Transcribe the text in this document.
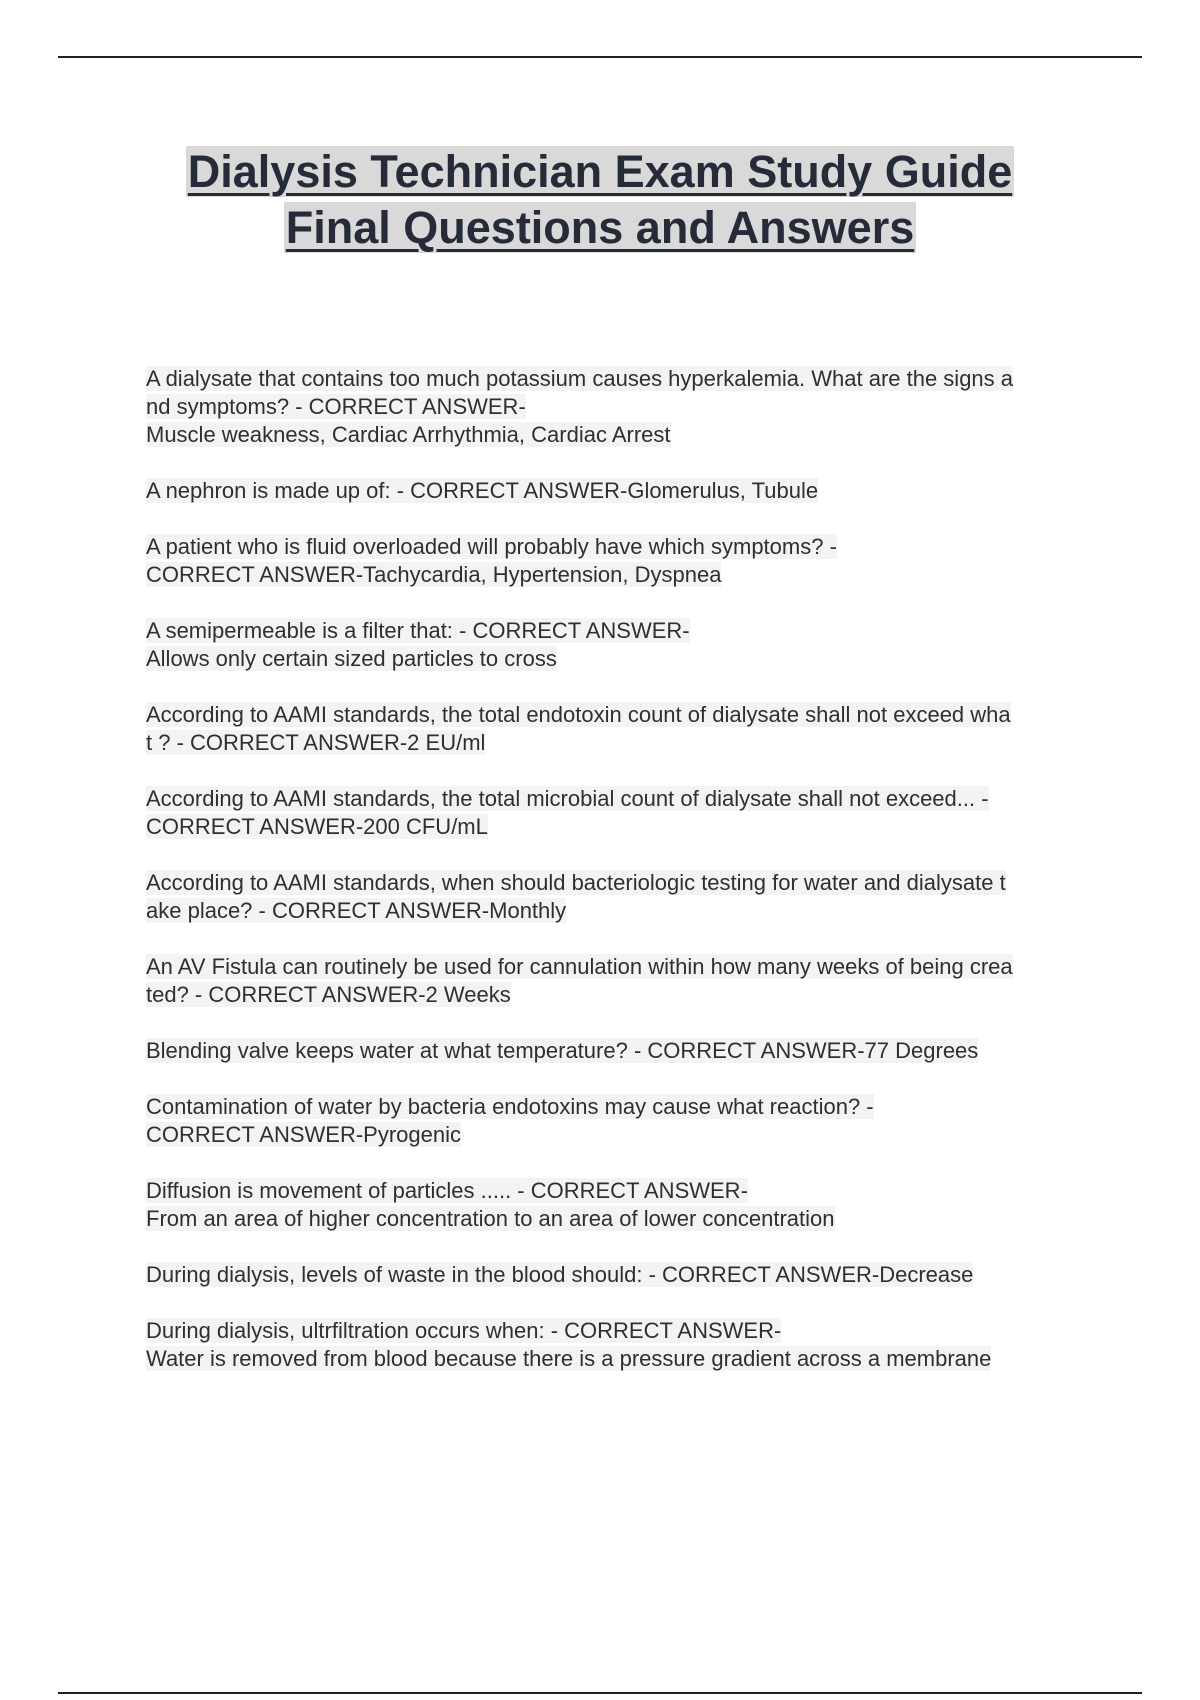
Dialysis Technician Exam Study Guide
Final Questions and Answers

A dialysate that contains too much potassium causes hyperkalemia. What are the signs a
nd symptoms? - CORRECT ANSWER-
Muscle weakness, Cardiac Arrhythmia, Cardiac Arrest

A nephron is made up of: - CORRECT ANSWER-Glomerulus, Tubule

A patient who is fluid overloaded will probably have which symptoms? -
CORRECT ANSWER-Tachycardia, Hypertension, Dyspnea

A semipermeable is a filter that: - CORRECT ANSWER-
Allows only certain sized particles to cross

According to AAMI standards, the total endotoxin count of dialysate shall not exceed wha
t ? - CORRECT ANSWER-2 EU/ml

According to AAMI standards, the total microbial count of dialysate shall not exceed... -
CORRECT ANSWER-200 CFU/mL

According to AAMI standards, when should bacteriologic testing for water and dialysate t
ake place? - CORRECT ANSWER-Monthly

An AV Fistula can routinely be used for cannulation within how many weeks of being crea
ted? - CORRECT ANSWER-2 Weeks

Blending valve keeps water at what temperature? - CORRECT ANSWER-77 Degrees

Contamination of water by bacteria endotoxins may cause what reaction? -
CORRECT ANSWER-Pyrogenic

Diffusion is movement of particles ..... - CORRECT ANSWER-
From an area of higher concentration to an area of lower concentration

During dialysis, levels of waste in the blood should: - CORRECT ANSWER-Decrease

During dialysis, ultrfiltration occurs when: - CORRECT ANSWER-
Water is removed from blood because there is a pressure gradient across a membrane
